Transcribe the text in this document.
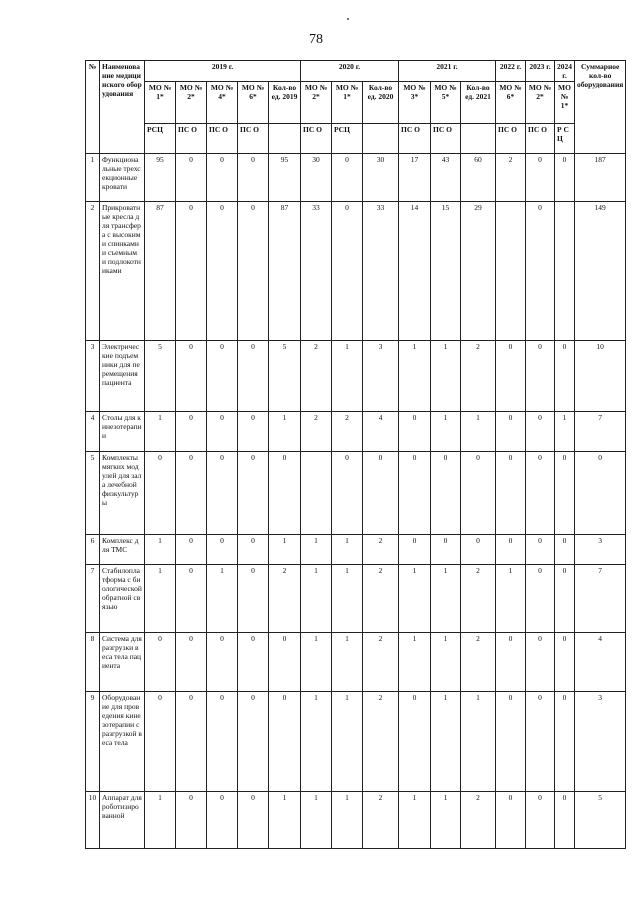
78
№	Наименование медицинского оборудования	2019 г.					2020 г.			2021 г.			2022 г.	2023 г.	2024 г.	Суммарное кол-во оборудования
		МО № 1*	МО № 2*	МО № 4*	МО № 6*	Кол-во ед. 2019	МО № 2*	МО № 1*	Кол-во ед. 2020	МО № 3*	МО № 5*	Кол-во ед. 2021	МО № 6*	МО № 2*	МО № 1*	
		РСЦ	ПС О	ПС О	ПС О		ПС О	РСЦ		ПС О	ПС О		ПС О	ПС О	Р С Ц	
1	Функциональные трехсекционные кровати	95	0	0	0	95	30	0	30	17	43	60	2	0	0	187
2	Прикроватные кресла для трансфера с высоким и спинками и съемным и подлокотниками	87	0	0	0	87	33	0	33	14	15	29		0		149
3	Электрические подъемники для перемещения пациента	5	0	0	0	5	2	1	3	1	1	2	0	0	0	10
4	Столы для кинезотерапии	1	0	0	0	1	2	2	4	0	1	1	0	0	1	7
5	Комплекты мягких модулей для зала лечебной физкультуры	0	0	0	0	0		0	0	0	0	0	0	0	0	0
6	Комплекс для ТМС	1	0	0	0	1	1	1	2	0	0	0	0	0	0	3
7	Стабилоплатформа с биологической обратной связью	1	0	1	0	2	1	1	2	1	1	2	1	0	0	7
8	Система для разгрузки веса тела пациента	0	0	0	0	0	1	1	2	1	1	2	0	0	0	4
9	Оборудование для проведения кинезотерапии с разгрузкой веса тела	0	0	0	0	0	1	1	2	0	1	1	0	0	0	3
10	Аппарат для роботизированной	1	0	0	0	1	1	1	2	1	1	2	0	0	0	5
